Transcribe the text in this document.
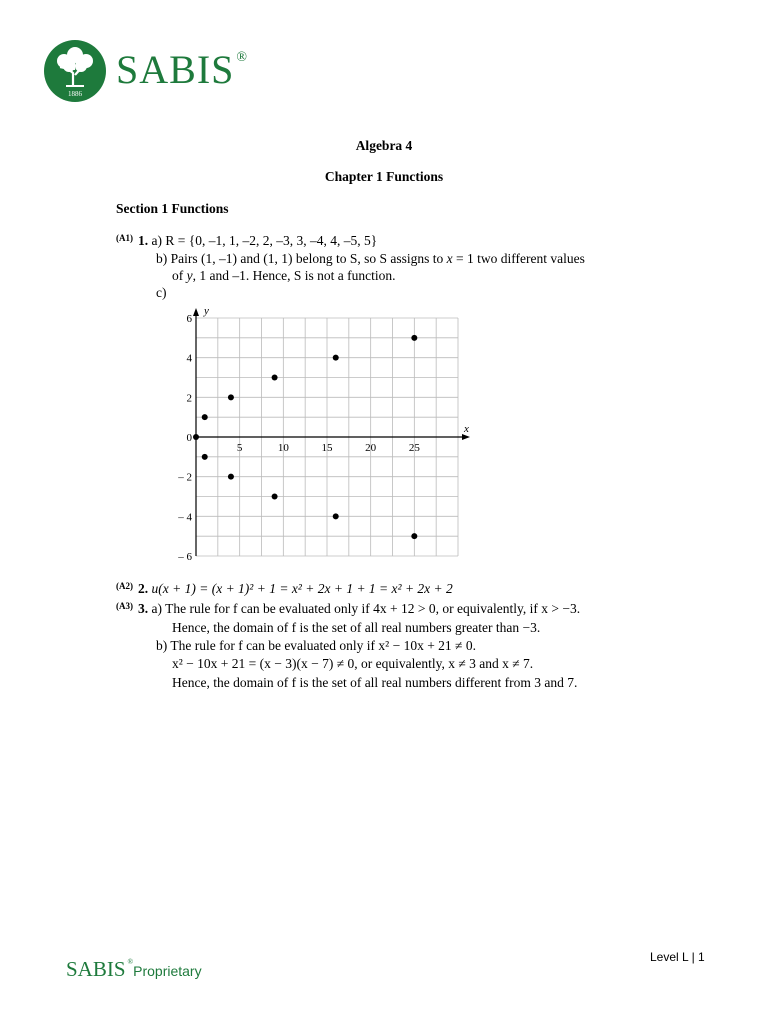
1886
SABIS ®
Algebra 4
Chapter 1 Functions
Section 1 Functions
$^{(A1)}$ 1. a) R = {0, –1, 1, –2, 2, –3, 3, –4, 4, –5, 5}
b) Pairs (1, –1) and (1, 1) belong to S, so S assigns to x = 1 two different values
of y, 1 and –1. Hence, S is not a function.
c)
x
y
5	10	15	20	25
6
4
2
0
– 2
– 4
– 6
$^{(A2)}$ 2. u(x + 1) = (x + 1)² + 1 = x² + 2x + 1 + 1 = x² + 2x + 2
$^{(A3)}$ 3. a) The rule for f can be evaluated only if 4x + 12 > 0, or equivalently, if x > −3.
Hence, the domain of f is the set of all real numbers greater than −3.
b) The rule for f can be evaluated only if x² − 10x + 21 ≠ 0.
x² − 10x + 21 = (x − 3)(x − 7) ≠ 0, or equivalently, x ≠ 3 and x ≠ 7.
Hence, the domain of f is the set of all real numbers different from 3 and 7.
SABIS ®Proprietary
Level L | 1
